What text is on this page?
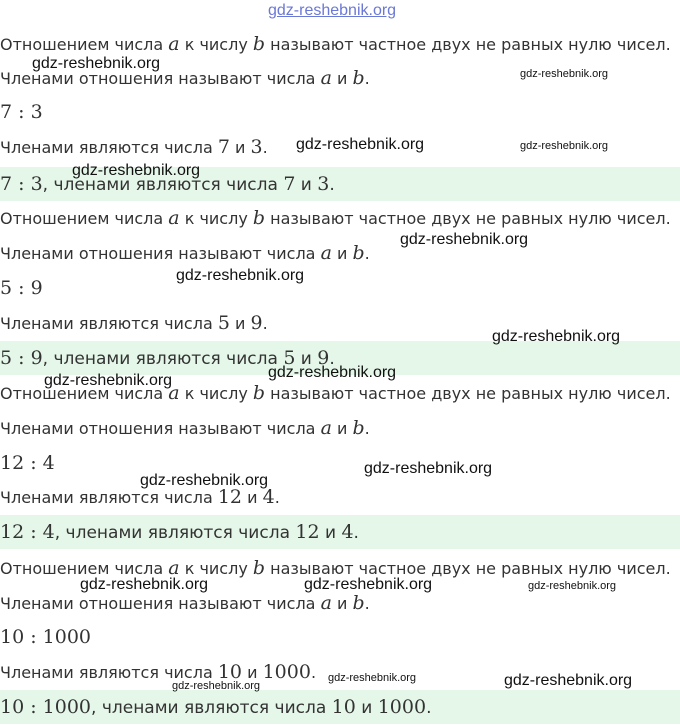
gdz-reshebnik.org
Отношением числа a к числу b называют частное двух не равных нулю чисел.
Членами отношения называют числа a и b.
7 : 3
Членами являются числа 7 и 3.
7 : 3, членами являются числа 7 и 3.
Отношением числа a к числу b называют частное двух не равных нулю чисел.
Членами отношения называют числа a и b.
5 : 9
Членами являются числа 5 и 9.
5 : 9, членами являются числа 5 и 9.
Отношением числа a к числу b называют частное двух не равных нулю чисел.
Членами отношения называют числа a и b.
12 : 4
Членами являются числа 12 и 4.
12 : 4, членами являются числа 12 и 4.
Отношением числа a к числу b называют частное двух не равных нулю чисел.
Членами отношения называют числа a и b.
10 : 1000
Членами являются числа 10 и 1000.
10 : 1000, членами являются числа 10 и 1000.
gdz-reshebnik.org
gdz-reshebnik.org
gdz-reshebnik.org	gdz-reshebnik.org
gdz-reshebnik.org
gdz-reshebnik.org
gdz-reshebnik.org
gdz-reshebnik.org
gdz-reshebnik.org
gdz-reshebnik.org
gdz-reshebnik.org
gdz-reshebnik.org
gdz-reshebnik.org	gdz-reshebnik.org	gdz-reshebnik.org
gdz-reshebnik.org
gdz-reshebnik.org	gdz-reshebnik.org
